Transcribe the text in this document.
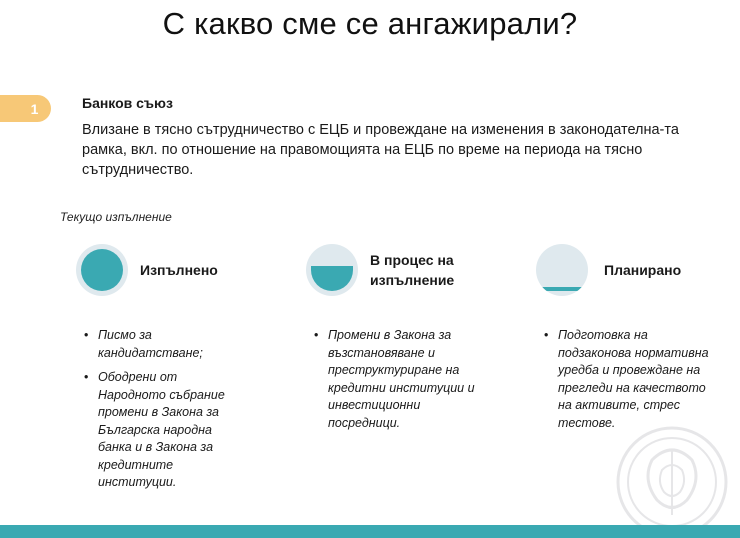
С какво сме се ангажирали?
1	Банков съюз
Влизане в тясно сътрудничество с ЕЦБ и провеждане на изменения в законодателна-та рамка, вкл. по отношение на правомощията на ЕЦБ по време на периода на тясно сътрудничество.
Текущо изпълнение
Изпълнено
• Писмо за кандидатстване;
• Ободрени от Народното събрание промени в Закона за Българска народна банка и в Закона за кредитните институции.
В процес на изпълнение
• Промени в Закона за възстановяване и преструктуриране на кредитни институции и инвестиционни посредници.
Планирано
• Подготовка на подзаконова нормативна уредба и провеждане на прегледи на качеството на активите, стрес тестове.
